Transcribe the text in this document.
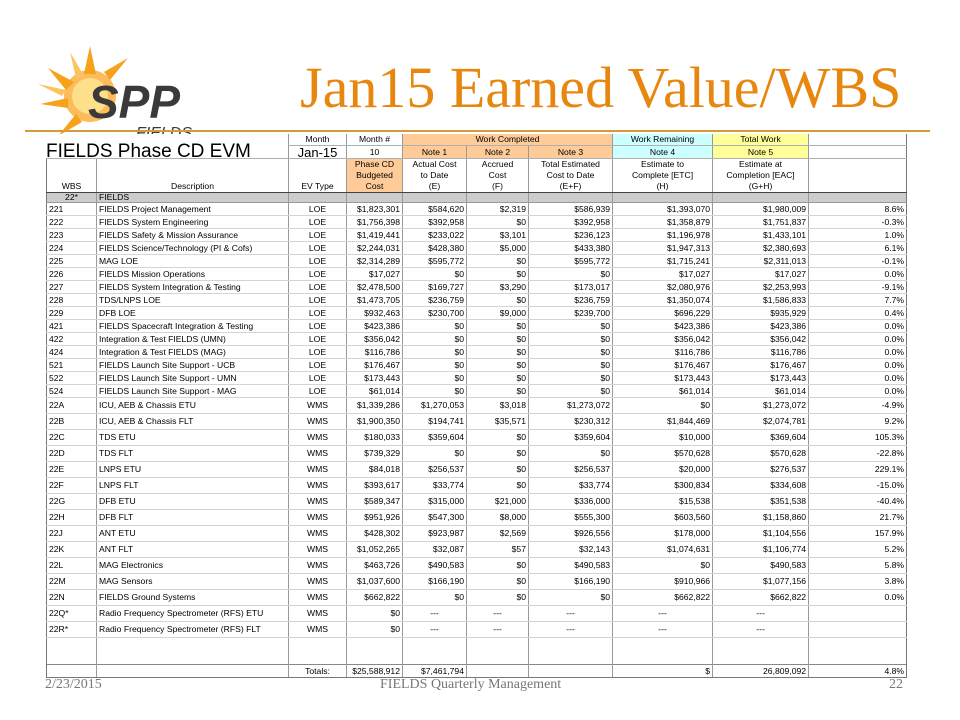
SPP Jan15 Earned Value/WBS
		Month	Month #	Work Completed			Work Remaining	Total Work	
		Jan-15	10	Note 1	Note 2	Note 3	Note 4	Note 5	
			Phase CD	Actual Cost	Accrued	Total Estimated	Estimate to	Estimate at	
			Budgeted	to Date	Cost	Cost to Date	Complete [ETC]	Completion [EAC]	
WBS	Description	EV Type	Cost	(E)	(F)	(E+F)	(H)	(G+H)	
22*	FIELDS								
221	FIELDS Project Management	LOE	$1,823,301	$584,620	$2,319	$586,939	$1,393,070	$1,980,009	8.6%
222	FIELDS System Engineering	LOE	$1,756,398	$392,958	$0	$392,958	$1,358,879	$1,751,837	-0.3%
223	FIELDS Safety & Mission Assurance	LOE	$1,419,441	$233,022	$3,101	$236,123	$1,196,978	$1,433,101	1.0%
224	FIELDS Science/Technology (PI & Cofs)	LOE	$2,244,031	$428,380	$5,000	$433,380	$1,947,313	$2,380,693	6.1%
225	MAG LOE	LOE	$2,314,289	$595,772	$0	$595,772	$1,715,241	$2,311,013	-0.1%
226	FIELDS Mission Operations	LOE	$17,027	$0	$0	$0	$17,027	$17,027	0.0%
227	FIELDS System Integration & Testing	LOE	$2,478,500	$169,727	$3,290	$173,017	$2,080,976	$2,253,993	-9.1%
228	TDS/LNPS LOE	LOE	$1,473,705	$236,759	$0	$236,759	$1,350,074	$1,586,833	7.7%
229	DFB LOE	LOE	$932,463	$230,700	$9,000	$239,700	$696,229	$935,929	0.4%
421	FIELDS Spacecraft Integration & Testing	LOE	$423,386	$0	$0	$0	$423,386	$423,386	0.0%
422	Integration & Test FIELDS (UMN)	LOE	$356,042	$0	$0	$0	$356,042	$356,042	0.0%
424	Integration & Test FIELDS (MAG)	LOE	$116,786	$0	$0	$0	$116,786	$116,786	0.0%
521	FIELDS Launch Site Support - UCB	LOE	$176,467	$0	$0	$0	$176,467	$176,467	0.0%
522	FIELDS Launch Site Support - UMN	LOE	$173,443	$0	$0	$0	$173,443	$173,443	0.0%
524	FIELDS Launch Site Support - MAG	LOE	$61,014	$0	$0	$0	$61,014	$61,014	0.0%
22A	ICU, AEB & Chassis ETU	WMS	$1,339,286	$1,270,053	$3,018	$1,273,072	$0	$1,273,072	-4.9%
22B	ICU, AEB & Chassis FLT	WMS	$1,900,350	$194,741	$35,571	$230,312	$1,844,469	$2,074,781	9.2%
22C	TDS ETU	WMS	$180,033	$359,604	$0	$359,604	$10,000	$369,604	105.3%
22D	TDS FLT	WMS	$739,329	$0	$0	$0	$570,628	$570,628	-22.8%
22E	LNPS ETU	WMS	$84,018	$256,537	$0	$256,537	$20,000	$276,537	229.1%
22F	LNPS FLT	WMS	$393,617	$33,774	$0	$33,774	$300,834	$334,608	-15.0%
22G	DFB ETU	WMS	$589,347	$315,000	$21,000	$336,000	$15,538	$351,538	-40.4%
22H	DFB FLT	WMS	$951,926	$547,300	$8,000	$555,300	$603,560	$1,158,860	21.7%
22J	ANT ETU	WMS	$428,302	$923,987	$2,569	$926,556	$178,000	$1,104,556	157.9%
22K	ANT FLT	WMS	$1,052,265	$32,087	$57	$32,143	$1,074,631	$1,106,774	5.2%
22L	MAG Electronics	WMS	$463,726	$490,583	$0	$490,583	$0	$490,583	5.8%
22M	MAG Sensors	WMS	$1,037,600	$166,190	$0	$166,190	$910,966	$1,077,156	3.8%
22N	FIELDS Ground Systems	WMS	$662,822	$0	$0	$0	$662,822	$662,822	0.0%
22Q*	Radio Frequency Spectrometer (RFS) ETU	WMS	$0	---	---	---	---	---	
22R*	Radio Frequency Spectrometer (RFS) FLT	WMS	$0	---	---	---	---	---	

		Totals:	$25,588,912	$7,461,794			$	26,809,092	4.8%
FIELDS Phase CD EVM
2/23/2015	FIELDS Quarterly Management	22
